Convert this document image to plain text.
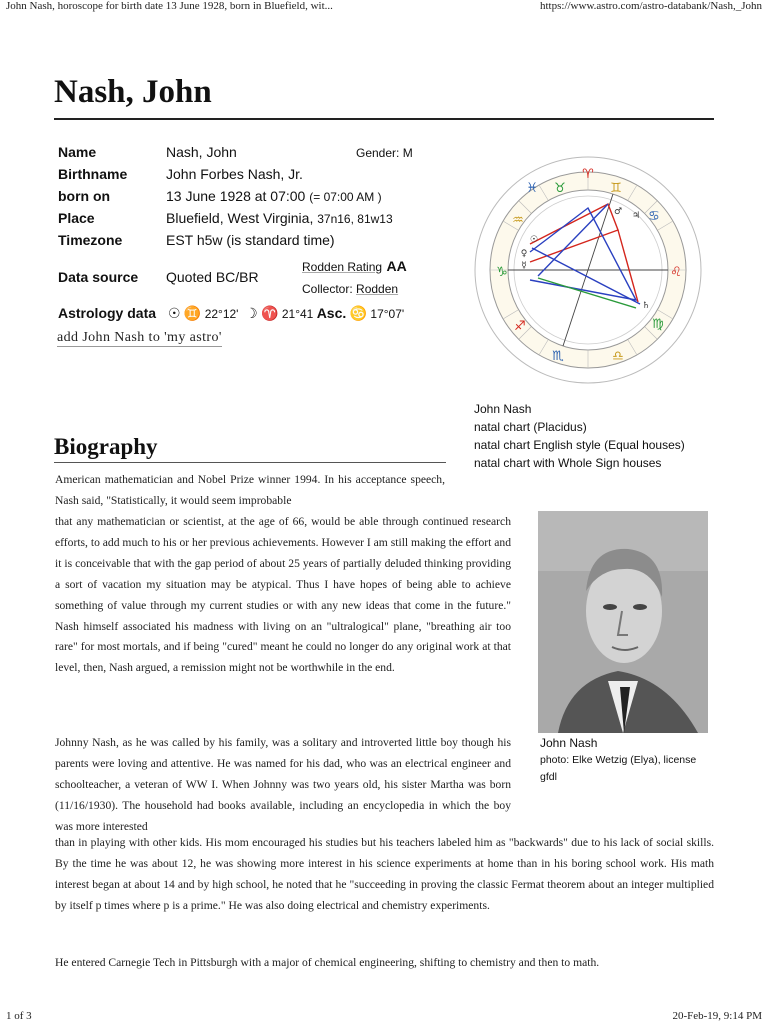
John Nash, horoscope for birth date 13 June 1928, born in Bluefield, wit...	https://www.astro.com/astro-databank/Nash,_John
1 of 3	20-Feb-19, 9:14 PM
Nash, John
Name	Nash, John	Gender: M
Birthname	John Forbes Nash, Jr.
born on	13 June 1928 at 07:00 (= 07:00 AM )
Place	Bluefield, West Virginia, 37n16, 81w13
Timezone	EST h5w (is standard time)
Data source Quoted BC/BR
Rodden Rating AA
Collector: Rodden
Astrology data ☉ ♊ 22°12' ☽ ♈ 21°41 Asc. ♋ 17°07'
add John Nash to 'my astro'
♉	♊
♋
♌
♍
♎
♏
♐
♑
♒
♓
♈
☿
♀
☉
♂ ♃
♄
John Nash
natal chart (Placidus)
natal chart English style (Equal houses)
natal chart with Whole Sign houses
Biography
American mathematician and Nobel Prize winner 1994. In his acceptance speech, Nash said, "Statistically, it would seem improbable
that any mathematician or scientist, at the age of 66, would be able through continued research efforts, to add much to his or her previous achievements. However I am still making the effort and it is conceivable that with the gap period of about 25 years of partially deluded thinking providing a sort of vacation my situation may be atypical. Thus I have hopes of being able to achieve something of value through my current studies or with any new ideas that come in the future." Nash himself associated his madness with living on an "ultralogical" plane, "breathing air too rare" for most mortals, and if being "cured" meant he could no longer do any original work at that level, then, Nash argued, a remission might not be worthwhile in the end.
Johnny Nash, as he was called by his family, was a solitary and introverted little boy though his parents were loving and attentive. He was named for his dad, who was an electrical engineer and schoolteacher, a veteran of WW I. When Johnny was two years old, his sister Martha was born (11/16/1930). The household had books available, including an encyclopedia in which the boy was more interested
than in playing with other kids. His mom encouraged his studies but his teachers labeled him as "backwards" due to his lack of social skills. By the time he was about 12, he was showing more interest in his science experiments at home than in his boring school work. His math interest began at about 14 and by high school, he noted that he "succeeding in proving the classic Fermat theorem about an integer multiplied by itself p times where p is a prime." He was also doing electrical and chemistry experiments.
He entered Carnegie Tech in Pittsburgh with a major of chemical engineering, shifting to chemistry and then to math.
John Nash
photo: Elke Wetzig (Elya), license gfdl
